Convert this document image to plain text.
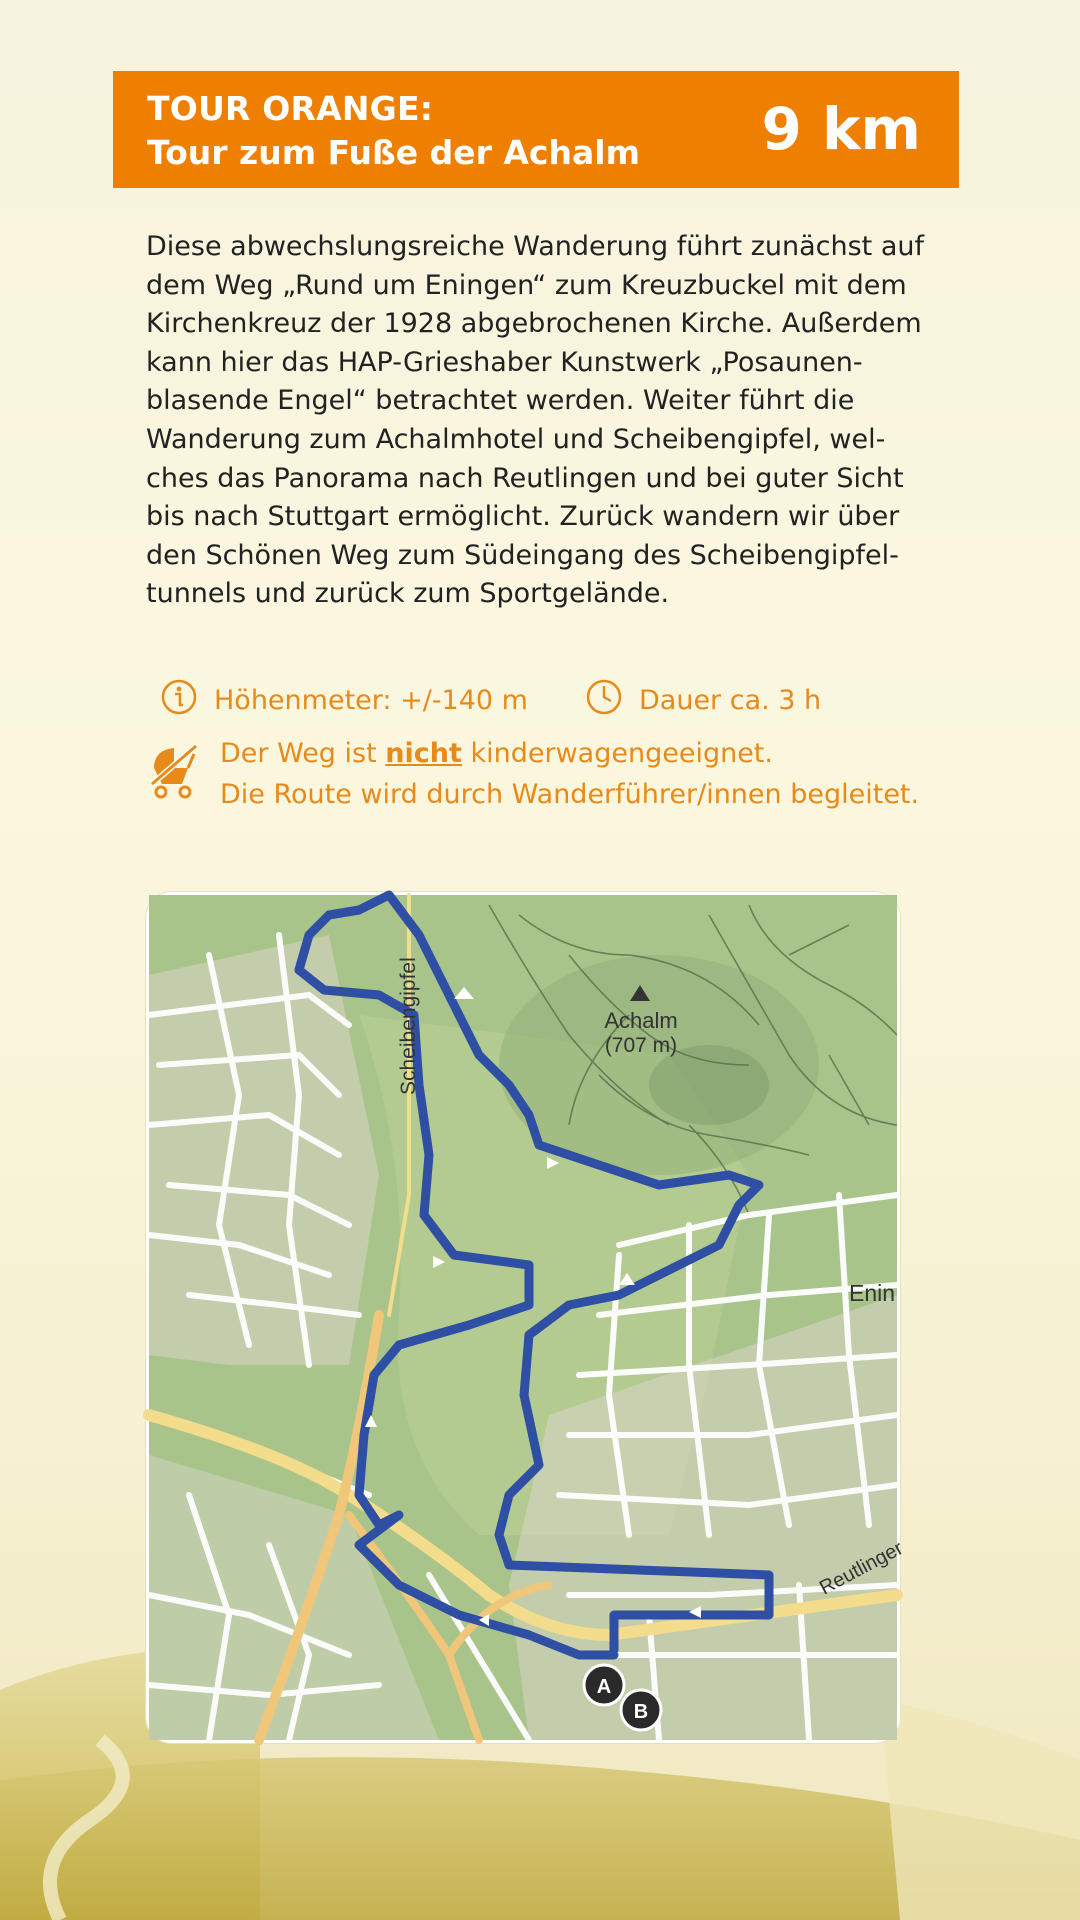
TOUR ORANGE:
Tour zum Fuße der Achalm 9 km
Diese abwechslungsreiche Wanderung führt zunächst auf
dem Weg „Rund um Eningen“ zum Kreuzbuckel mit dem
Kirchenkreuz der 1928 abgebrochenen Kirche. Außerdem
kann hier das HAP-Grieshaber Kunstwerk „Posaunen-
blasende Engel“ betrachtet werden. Weiter führt die
Wanderung zum Achalmhotel und Scheibengipfel, wel-
ches das Panorama nach Reutlingen und bei guter Sicht
bis nach Stuttgart ermöglicht. Zurück wandern wir über
den Schönen Weg zum Südeingang des Scheibengipfel-
tunnels und zurück zum Sportgelände.
Höhenmeter: +/-140 m	Dauer ca. 3 h
Der Weg ist nicht kinderwagengeeignet.
Die Route wird durch Wanderführer/innen begleitet.
Achalm
(707 m)
Scheibengipfel
Enin
Reutlinger
A
B
